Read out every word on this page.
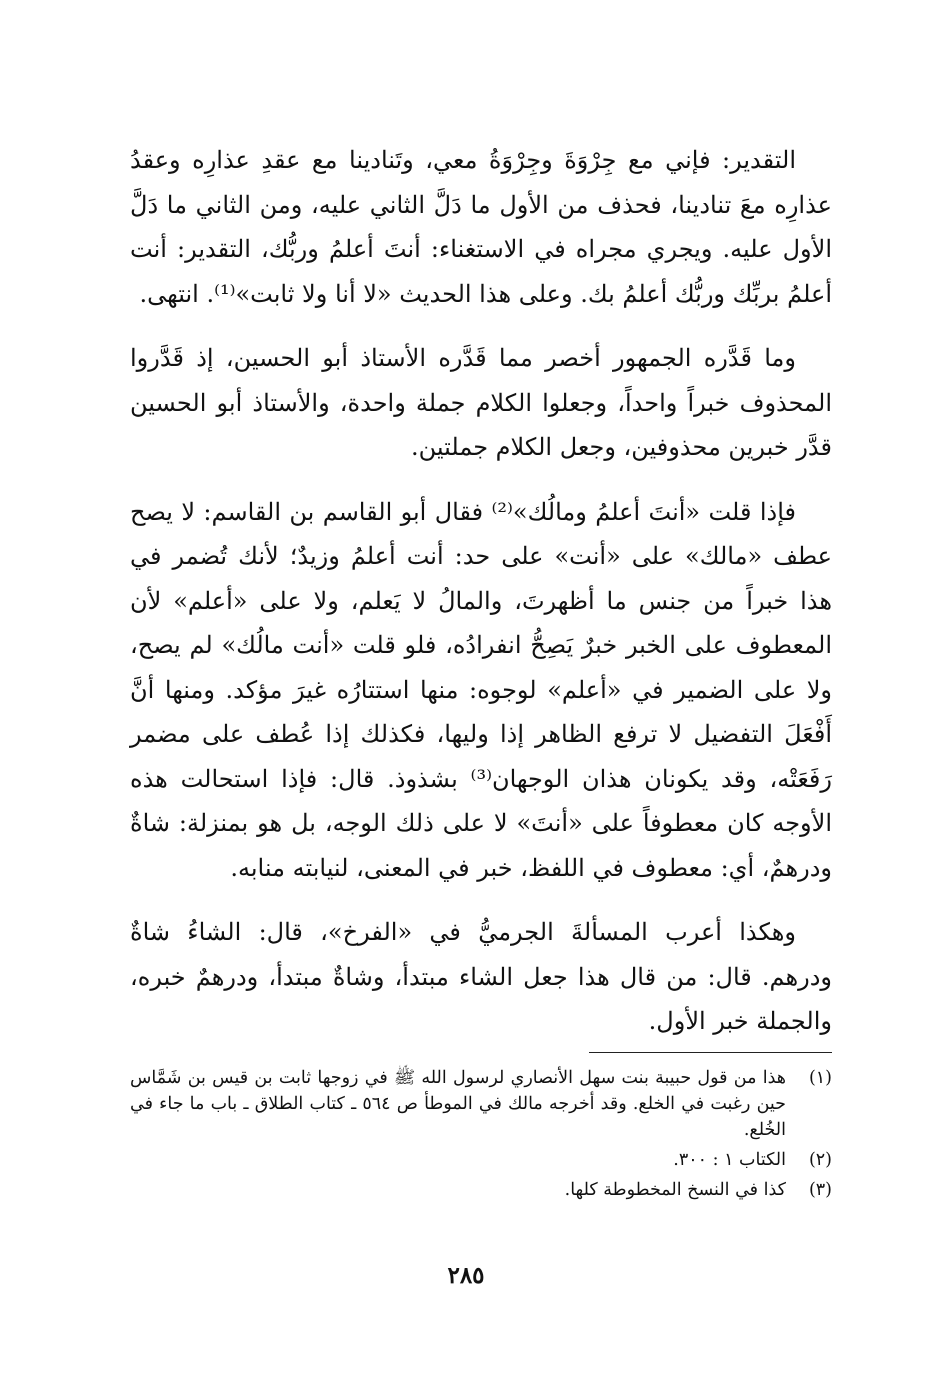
التقدير: فإني مع جِرْوَةَ وجِرْوَةُ معي، وتَنادينا مع عقدِ عذارِه وعقدُ عذارِه معَ تنادينا، فحذف من الأول ما دَلَّ الثاني عليه، ومن الثاني ما دَلَّ الأول عليه. ويجري مجراه في الاستغناء: أنتَ أعلمُ وربُّك، التقدير: أنت أعلمُ بربِّك وربُّك أعلمُ بك. وعلى هذا الحديث «لا أنا ولا ثابت»⁽¹⁾. انتهى.

وما قَدَّره الجمهور أخصر مما قَدَّره الأستاذ أبو الحسين، إذ قَدَّروا المحذوف خبراً واحداً، وجعلوا الكلام جملة واحدة، والأستاذ أبو الحسين قدَّر خبرين محذوفين، وجعل الكلام جملتين.

فإذا قلت «أنتَ أعلمُ ومالُك»⁽²⁾ فقال أبو القاسم بن القاسم: لا يصح عطف «مالك» على «أنت» على حد: أنت أعلمُ وزيدٌ؛ لأنك تُضمر في هذا خبراً من جنس ما أظهرتَ، والمالُ لا يَعلم، ولا على «أعلم» لأن المعطوف على الخبر خبرٌ يَصِحُّ انفرادُه، فلو قلت «أنت مالُك» لم يصح، ولا على الضمير في «أعلم» لوجوه: منها استتارُه غيرَ مؤكد. ومنها أنَّ أَفْعَلَ التفضيل لا ترفع الظاهر إذا وليها، فكذلك إذا عُطف على مضمر رَفَعَتْه، وقد يكونان هذان الوجهان⁽³⁾ بشذوذ. قال: فإذا استحالت هذه الأوجه كان معطوفاً على «أنتَ» لا على ذلك الوجه، بل هو بمنزلة: شاةٌ ودرهمٌ، أي: معطوف في اللفظ، خبر في المعنى، لنيابته منابه.

وهكذا أعرب المسألةَ الجرميُّ في «الفرخ»، قال: الشاءُ شاةٌ ودرهم. قال: من قال هذا جعل الشاء مبتدأ، وشاةٌ مبتدأ، ودرهمٌ خبره، والجملة خبر الأول.

(١)
هذا من قول حبيبة بنت سهل الأنصاري لرسول الله ﷺ في زوجها ثابت بن قيس بن شَمَّاس حين رغبت في الخلع. وقد أخرجه مالك في الموطأ ص ٥٦٤ ـ كتاب الطلاق ـ باب ما جاء في الخُلع.
(٢)
الكتاب ١ : ٣٠٠.
(٣)
كذا في النسخ المخطوطة كلها.
٢٨٥
